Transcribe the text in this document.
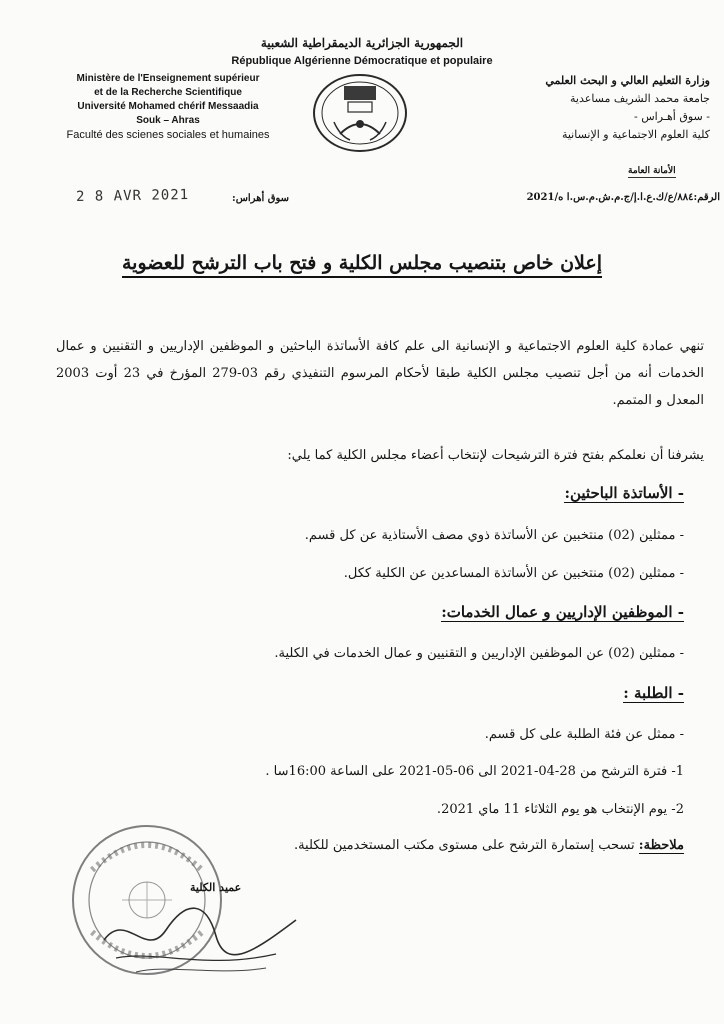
الجمهورية الجزائرية الديمقراطية الشعبية
République Algérienne Démocratique et populaire
Ministère de l'Enseignement supérieur
et de la Recherche Scientifique
Université Mohamed chérif Messaadia
Souk – Ahras
Faculté des scienes sociales et humaines
وزارة التعليم العالي و البحث العلمي
جامعة محمد الشريف مساعدية
- سوق أهـراس -
كلية العلوم الاجتماعية و الإنسانية
الأمانة العامة
الرقم:٨٨٤/ع/ك.ع.ا.إ/ج.م.ش.م.س.ا ه/2021
سوق أهراس:
2 8 AVR 2021
إعلان خاص بتنصيب مجلس الكلية و فتح باب الترشح للعضوية
تنهي عمادة كلية العلوم الاجتماعية و الإنسانية الى علم كافة الأساتذة الباحثين و الموظفين الإداريين و التقنيين و عمال الخدمات أنه من أجل تنصيب مجلس الكلية طبقا لأحكام المرسوم التنفيذي رقم 03-279 المؤرخ في 23 أوت 2003 المعدل و المتمم.
يشرفنا أن نعلمكم بفتح فترة الترشيحات لإنتخاب أعضاء مجلس الكلية كما يلي:
- الأساتذة الباحثين:
- ممثلين (02) منتخبين عن الأساتذة ذوي مصف الأستاذية عن كل قسم.
- ممثلين (02) منتخبين عن الأساتذة المساعدين عن الكلية ككل.
- الموظفين الإداريين و عمال الخدمات:
- ممثلين (02) عن الموظفين الإداريين و التقنيين و عمال الخدمات في الكلية.
- الطلبة :
- ممثل عن فئة الطلبة على كل قسم.
1- فترة الترشح من 28-04-2021 الى 06-05-2021 على الساعة 16:00سا .
2- يوم الإنتخاب هو يوم الثلاثاء 11 ماي 2021.
ملاحظة: تسحب إستمارة الترشح على مستوى مكتب المستخدمين للكلية.
عميد الكلية
